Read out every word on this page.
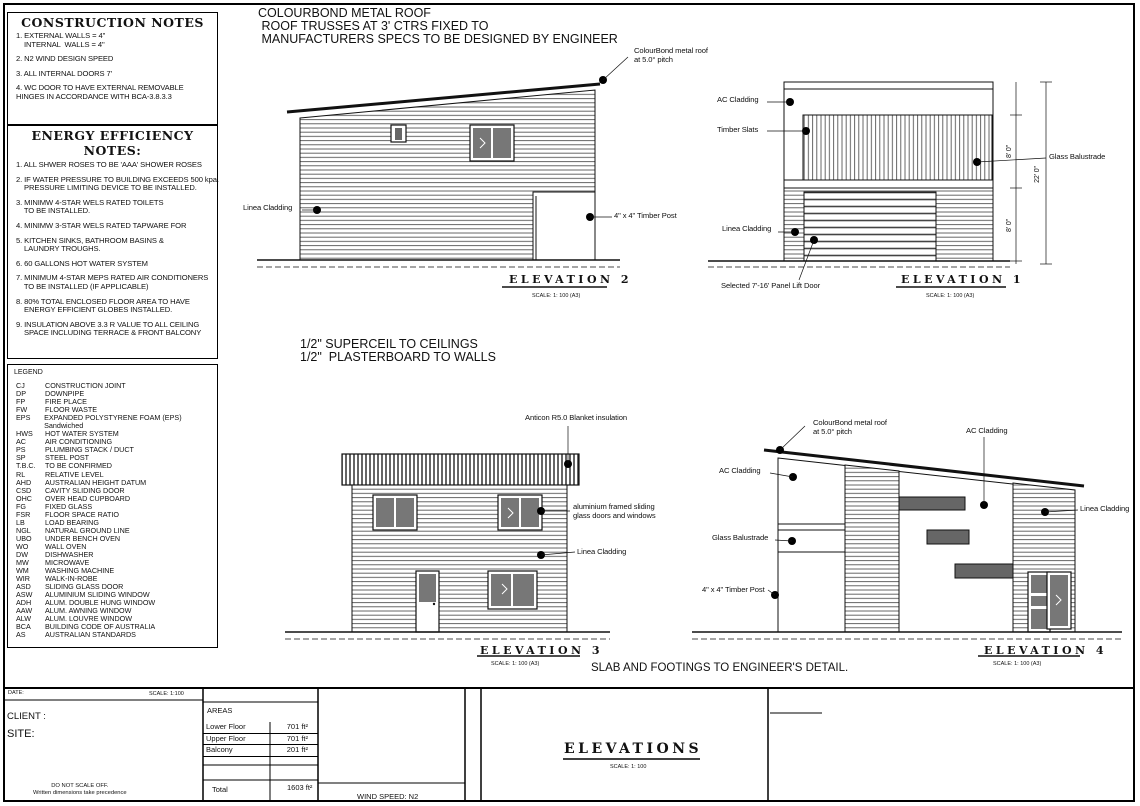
CONSTRUCTION NOTES
1. EXTERNAL WALLS = 4"
INTERNAL  WALLS = 4"
2. N2 WIND DESIGN SPEED
3. ALL INTERNAL DOORS 7'
4. WC DOOR TO HAVE EXTERNAL REMOVABLE
HINGES IN ACCORDANCE WITH BCA-3.8.3.3
ENERGY EFFICIENCY NOTES:
1. ALL SHWER ROSES TO BE 'AAA' SHOWER ROSES
2. IF WATER PRESSURE TO BUILDING EXCEEDS 500 kpa.
PRESSURE LIMITING DEVICE TO BE INSTALLED.
3. MINIMW 4-STAR WELS RATED TOILETS
TO BE INSTALLED.
4. MINIMW 3-STAR WELS RATED TAPWARE FOR
5. KITCHEN SINKS, BATHROOM BASINS &
LAUNDRY TROUGHS.
6. 60 GALLONS HOT WATER SYSTEM
7. MINIMUM 4-STAR MEPS RATED AIR CONDITIONERS
TO BE INSTALLED (IF APPLICABLE)
8. 80% TOTAL ENCLOSED FLOOR AREA TO HAVE
ENERGY EFFICIENT GLOBES INSTALLED.
9. INSULATION ABOVE 3.3 R VALUE TO ALL CEILING
SPACE INCLUDING TERRACE & FRONT BALCONY
LEGEND
CJ	CONSTRUCTION JOINT
DP	DOWNPIPE
FP	FIRE PLACE
FW	FLOOR WASTE
EPS	EXPANDED POLYSTYRENE FOAM (EPS) Sandwiched
HWS	HOT WATER SYSTEM
AC	AIR CONDITIONING
PS	PLUMBING STACK / DUCT
SP	STEEL POST
T.B.C.	TO BE CONFIRMED
RL	RELATIVE LEVEL
AHD	AUSTRALIAN HEIGHT DATUM
CSD	CAVITY SLIDING DOOR
OHC	OVER HEAD CUPBOARD
FG	FIXED GLASS
FSR	FLOOR SPACE RATIO
LB	LOAD BEARING
NGL	NATURAL GROUND LINE
UBO	UNDER BENCH OVEN
WO	WALL OVEN
DW	DISHWASHER
MW	MICROWAVE
WM	WASHING MACHINE
WIR	WALK-IN-ROBE
ASD	SLIDING GLASS DOOR
ASW	ALUMINIUM SLIDING WINDOW
ADH	ALUM. DOUBLE HUNG WINDOW
AAW	ALUM. AWNING WINDOW
ALW	ALUM. LOUVRE WINDOW
BCA	BUILDING CODE OF AUSTRALIA
AS	AUSTRALIAN STANDARDS
COLOURBOND METAL ROOF
ROOF TRUSSES AT 3' CTRS FIXED TO
MANUFACTURERS SPECS TO BE DESIGNED BY ENGINEER
1/2" SUPERCEIL TO CEILINGS
1/2"  PLASTERBOARD TO WALLS
SLAB AND FOOTINGS TO ENGINEER'S DETAIL.
ColourBond metal roof
at 5.0° pitch
Linea Cladding
4" x 4" Timber Post
ELEVATION 2
SCALE: 1: 100 (A3)
AC Cladding
Timber Slats
Glass Balustrade
Linea Cladding
Selected 7'-16' Panel Lift Door
8' 0"
8' 0"
22' 0"
ELEVATION 1
SCALE: 1: 100 (A3)
Anticon R5.0 Blanket insulation
aluminium framed sliding
glass doors and windows
Linea Cladding
ELEVATION 3
SCALE: 1: 100 (A3)
ColourBond metal roof
at 5.0° pitch	AC Cladding
AC Cladding
Linea Cladding
Glass Balustrade
4" x 4" Timber Post
ELEVATION 4
SCALE: 1: 100 (A3)
DATE:	SCALE: 1:100
CLIENT :
SITE:
DO NOT SCALE OFF.
Written dimensions take precedence
AREAS
Lower Floor	701 ft²
Upper Floor	701 ft²
Balcony	201 ft²
Total	1603 ft²
WIND SPEED: N2
ELEVATIONS
SCALE: 1: 100
